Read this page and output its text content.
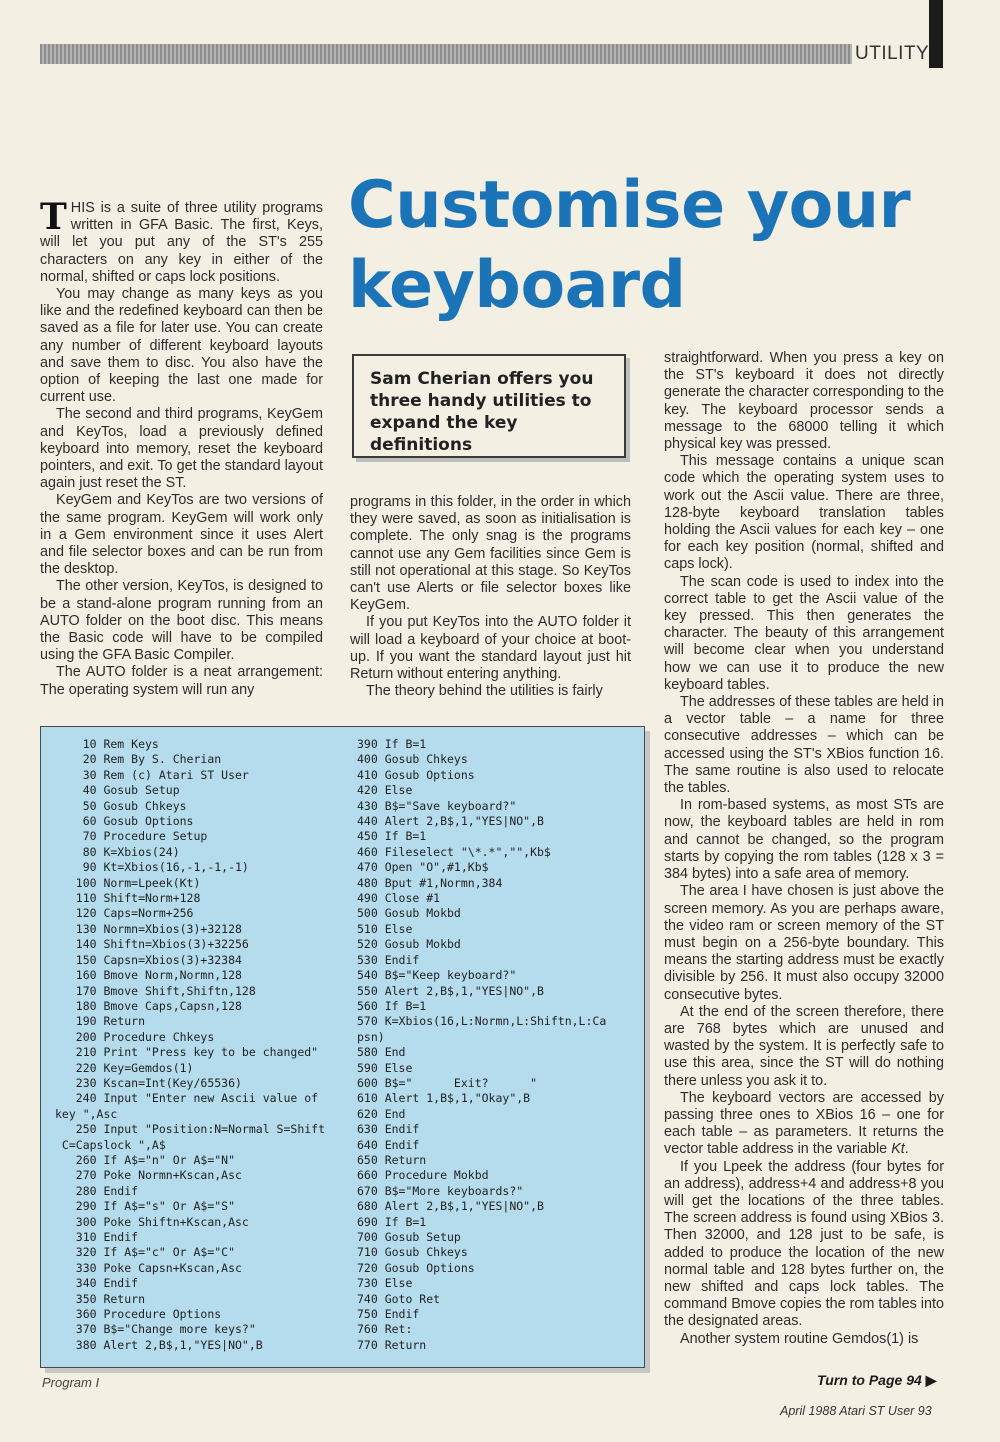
UTILITY
Customise your keyboard
Sam Cherian offers you three handy utilities to expand the key definitions

THIS is a suite of three utility programs written in GFA Basic. The first, Keys, will let you put any of the ST's 255 characters on any key in either of the normal, shifted or caps lock positions.

You may change as many keys as you like and the redefined keyboard can then be saved as a file for later use. You can create any number of different keyboard layouts and save them to disc. You also have the option of keeping the last one made for current use.

The second and third programs, KeyGem and KeyTos, load a previously defined keyboard into memory, reset the keyboard pointers, and exit. To get the standard layout again just reset the ST.

KeyGem and KeyTos are two versions of the same program. KeyGem will work only in a Gem environment since it uses Alert and file selector boxes and can be run from the desktop.

The other version, KeyTos, is designed to be a stand-alone program running from an AUTO folder on the boot disc. This means the Basic code will have to be compiled using the GFA Basic Compiler.

The AUTO folder is a neat arrangement: The operating system will run any

programs in this folder, in the order in which they were saved, as soon as initialisation is complete. The only snag is the programs cannot use any Gem facilities since Gem is still not operational at this stage. So KeyTos can't use Alerts or file selector boxes like KeyGem.

If you put KeyTos into the AUTO folder it will load a keyboard of your choice at boot-up. If you want the standard layout just hit Return without entering anything.

The theory behind the utilities is fairly

straightforward. When you press a key on the ST's keyboard it does not directly generate the character corresponding to the key. The keyboard processor sends a message to the 68000 telling it which physical key was pressed.

This message contains a unique scan code which the operating system uses to work out the Ascii value. There are three, 128-byte keyboard translation tables holding the Ascii values for each key – one for each key position (normal, shifted and caps lock).

The scan code is used to index into the correct table to get the Ascii value of the key pressed. This then generates the character. The beauty of this arrangement will become clear when you understand how we can use it to produce the new keyboard tables.

The addresses of these tables are held in a vector table – a name for three consecutive addresses – which can be accessed using the ST's XBios function 16. The same routine is also used to relocate the tables.

In rom-based systems, as most STs are now, the keyboard tables are held in rom and cannot be changed, so the program starts by copying the rom tables (128 x 3 = 384 bytes) into a safe area of memory.

The area I have chosen is just above the screen memory. As you are perhaps aware, the video ram or screen memory of the ST must begin on a 256-byte boundary. This means the starting address must be exactly divisible by 256. It must also occupy 32000 consecutive bytes.

At the end of the screen therefore, there are 768 bytes which are unused and wasted by the system. It is perfectly safe to use this area, since the ST will do nothing there unless you ask it to.

The keyboard vectors are accessed by passing three ones to XBios 16 – one for each table – as parameters. It returns the vector table address in the variable Kt.

If you Lpeek the address (four bytes for an address), address+4 and address+8 you will get the locations of the three tables. The screen address is found using XBios 3. Then 32000, and 128 just to be safe, is added to produce the location of the new normal table and 128 bytes further on, the new shifted and caps lock tables. The command Bmove copies the rom tables into the designated areas.

Another system routine Gemdos(1) is

10 Rem Keys
20 Rem By S. Cherian
30 Rem (c) Atari ST User
40 Gosub Setup
50 Gosub Chkeys
60 Gosub Options
70 Procedure Setup
80 K=Xbios(24)
90 Kt=Xbios(16,-1,-1,-1)
100 Norm=Lpeek(Kt)
110 Shift=Norm+128
120 Caps=Norm+256
130 Normn=Xbios(3)+32128
140 Shiftn=Xbios(3)+32256
150 Capsn=Xbios(3)+32384
160 Bmove Norm,Normn,128
170 Bmove Shift,Shiftn,128
180 Bmove Caps,Capsn,128
190 Return
200 Procedure Chkeys
210 Print "Press key to be changed"
220 Key=Gemdos(1)
230 Kscan=Int(Key/65536)
240 Input "Enter new Ascii value of
key ",Asc
250 Input "Position:N=Normal S=Shift
C=Capslock ",A$
260 If A$="n" Or A$="N"
270 Poke Normn+Kscan,Asc
280 Endif
290 If A$="s" Or A$="S"
300 Poke Shiftn+Kscan,Asc
310 Endif
320 If A$="c" Or A$="C"
330 Poke Capsn+Kscan,Asc
340 Endif
350 Return
360 Procedure Options
370 B$="Change more keys?"
380 Alert 2,B$,1,"YES|NO",B
390 If B=1
400 Gosub Chkeys
410 Gosub Options
420 Else
430 B$="Save keyboard?"
440 Alert 2,B$,1,"YES|NO",B
450 If B=1
460 Fileselect "\*.*","",Kb$
470 Open "O",#1,Kb$
480 Bput #1,Normn,384
490 Close #1
500 Gosub Mokbd
510 Else
520 Gosub Mokbd
530 Endif
540 B$="Keep keyboard?"
550 Alert 2,B$,1,"YES|NO",B
560 If B=1
570 K=Xbios(16,L:Normn,L:Shiftn,L:Ca
psn)
580 End
590 Else
600 B$="      Exit?      "
610 Alert 1,B$,1,"Okay",B
620 End
630 Endif
640 Endif
650 Return
660 Procedure Mokbd
670 B$="More keyboards?"
680 Alert 2,B$,1,"YES|NO",B
690 If B=1
700 Gosub Setup
710 Gosub Chkeys
720 Gosub Options
730 Else
740 Goto Ret
750 Endif
760 Ret:
770 Return
Program I	Turn to Page 94 ▶
April 1988 Atari ST User 93
